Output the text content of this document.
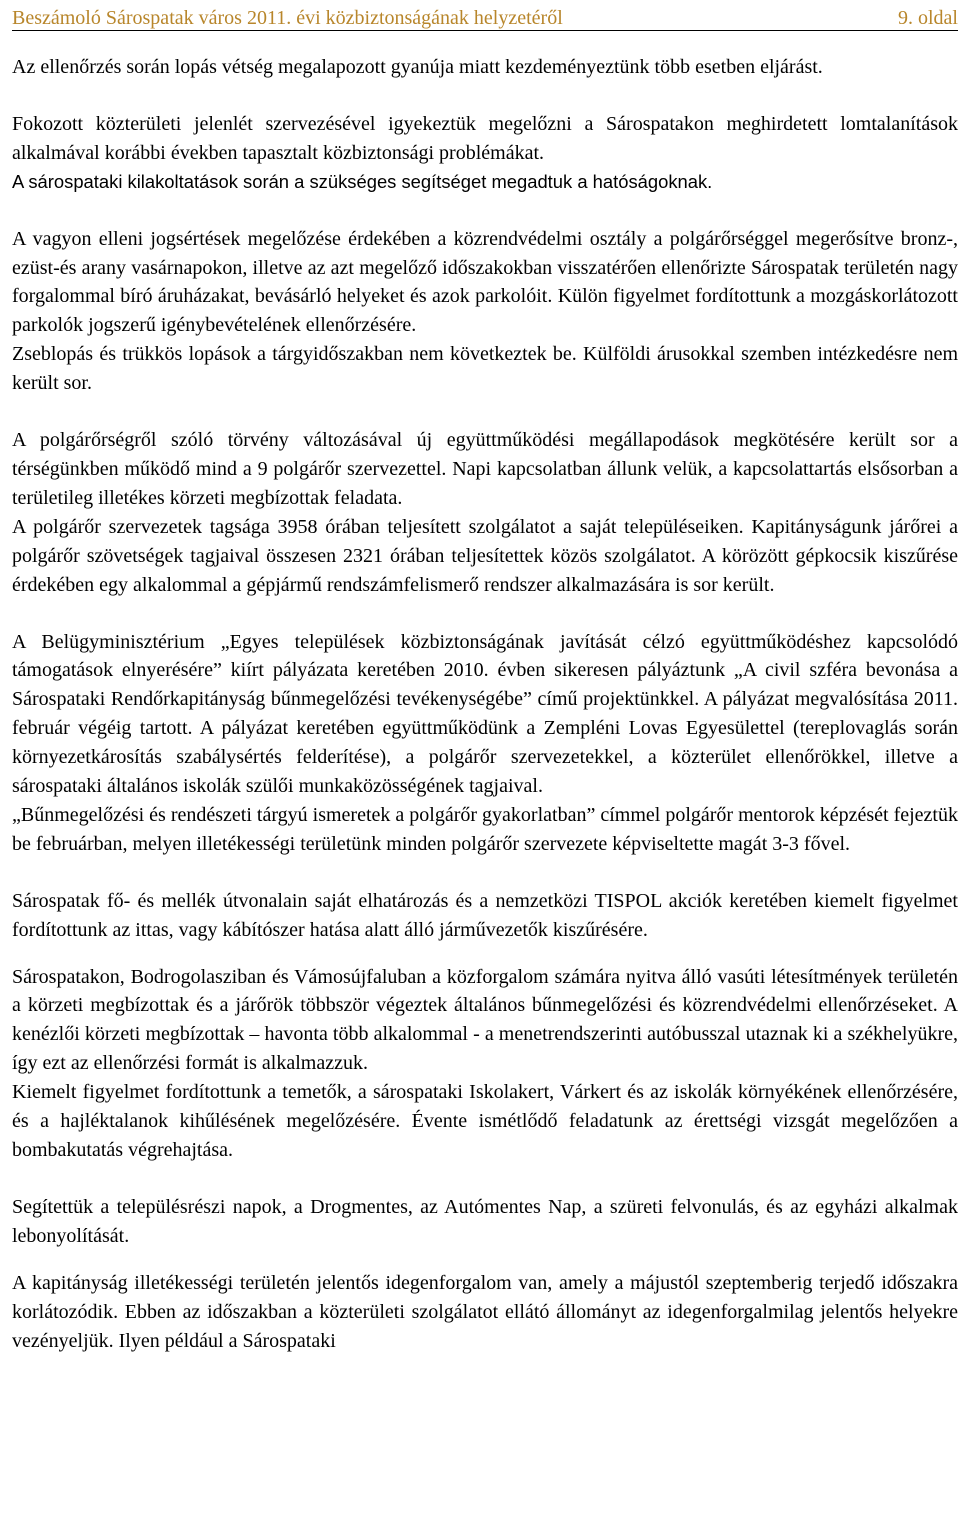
Beszámoló Sárospatak város 2011. évi közbiztonságának helyzetéről	9. oldal

Az ellenőrzés során lopás vétség megalapozott gyanúja miatt kezdeményeztünk több esetben eljárást.

Fokozott közterületi jelenlét szervezésével igyekeztük megelőzni a Sárospatakon meghirdetett lomtalanítások alkalmával korábbi években tapasztalt közbiztonsági problémákat.

A sárospataki kilakoltatások során a szükséges segítséget megadtuk a hatóságoknak.

A vagyon elleni jogsértések megelőzése érdekében a közrendvédelmi osztály a polgárőrséggel megerősítve bronz-, ezüst-és arany vasárnapokon, illetve az azt megelőző időszakokban visszatérően ellenőrizte Sárospatak területén nagy forgalommal bíró áruházakat, bevásárló helyeket és azok parkolóit. Külön figyelmet fordítottunk a mozgáskorlátozott parkolók jogszerű igénybevételének ellenőrzésére.

Zseblopás és trükkös lopások a tárgyidőszakban nem következtek be. Külföldi árusokkal szemben intézkedésre nem került sor.

A polgárőrségről szóló törvény változásával új együttműködési megállapodások megkötésére került sor a térségünkben működő mind a 9 polgárőr szervezettel. Napi kapcsolatban állunk velük, a kapcsolattartás elsősorban a területileg illetékes körzeti megbízottak feladata.

A polgárőr szervezetek tagsága 3958 órában teljesített szolgálatot a saját településeiken. Kapitányságunk járőrei a polgárőr szövetségek tagjaival összesen 2321 órában teljesítettek közös szolgálatot. A körözött gépkocsik kiszűrése érdekében egy alkalommal a gépjármű rendszámfelismerő rendszer alkalmazására is sor került.

A Belügyminisztérium „Egyes települések közbiztonságának javítását célzó együttműködéshez kapcsolódó támogatások elnyerésére” kiírt pályázata keretében 2010. évben sikeresen pályáztunk „A civil szféra bevonása a Sárospataki Rendőrkapitányság bűnmegelőzési tevékenységébe” című projektünkkel. A pályázat megvalósítása 2011. február végéig tartott. A pályázat keretében együttműködünk a Zempléni Lovas Egyesülettel (tereplovaglás során környezetkárosítás szabálysértés felderítése), a polgárőr szervezetekkel, a közterület ellenőrökkel, illetve a sárospataki általános iskolák szülői munkaközösségének tagjaival.

„Bűnmegelőzési és rendészeti tárgyú ismeretek a polgárőr gyakorlatban” címmel polgárőr mentorok képzését fejeztük be februárban, melyen illetékességi területünk minden polgárőr szervezete képviseltette magát 3-3 fővel.

Sárospatak fő- és mellék útvonalain saját elhatározás és a nemzetközi TISPOL akciók keretében kiemelt figyelmet fordítottunk az ittas, vagy kábítószer hatása alatt álló járművezetők kiszűrésére.

Sárospatakon, Bodrogolasziban és Vámosújfaluban a közforgalom számára nyitva álló vasúti létesítmények területén a körzeti megbízottak és a járőrök többször végeztek általános bűnmegelőzési és közrendvédelmi ellenőrzéseket. A kenézlői körzeti megbízottak – havonta több alkalommal - a menetrendszerinti autóbusszal utaznak ki a székhelyükre, így ezt az ellenőrzési formát is alkalmazzuk.

Kiemelt figyelmet fordítottunk a temetők, a sárospataki Iskolakert, Várkert és az iskolák környékének ellenőrzésére, és a hajléktalanok kihűlésének megelőzésére. Évente ismétlődő feladatunk az érettségi vizsgát megelőzően a bombakutatás végrehajtása.

Segítettük a településrészi napok, a Drogmentes, az Autómentes Nap, a szüreti felvonulás, és az egyházi alkalmak lebonyolítását.

A kapitányság illetékességi területén jelentős idegenforgalom van, amely a májustól szeptemberig terjedő időszakra korlátozódik. Ebben az időszakban a közterületi szolgálatot ellátó állományt az idegenforgalmilag jelentős helyekre vezényeljük. Ilyen például a Sárospataki
